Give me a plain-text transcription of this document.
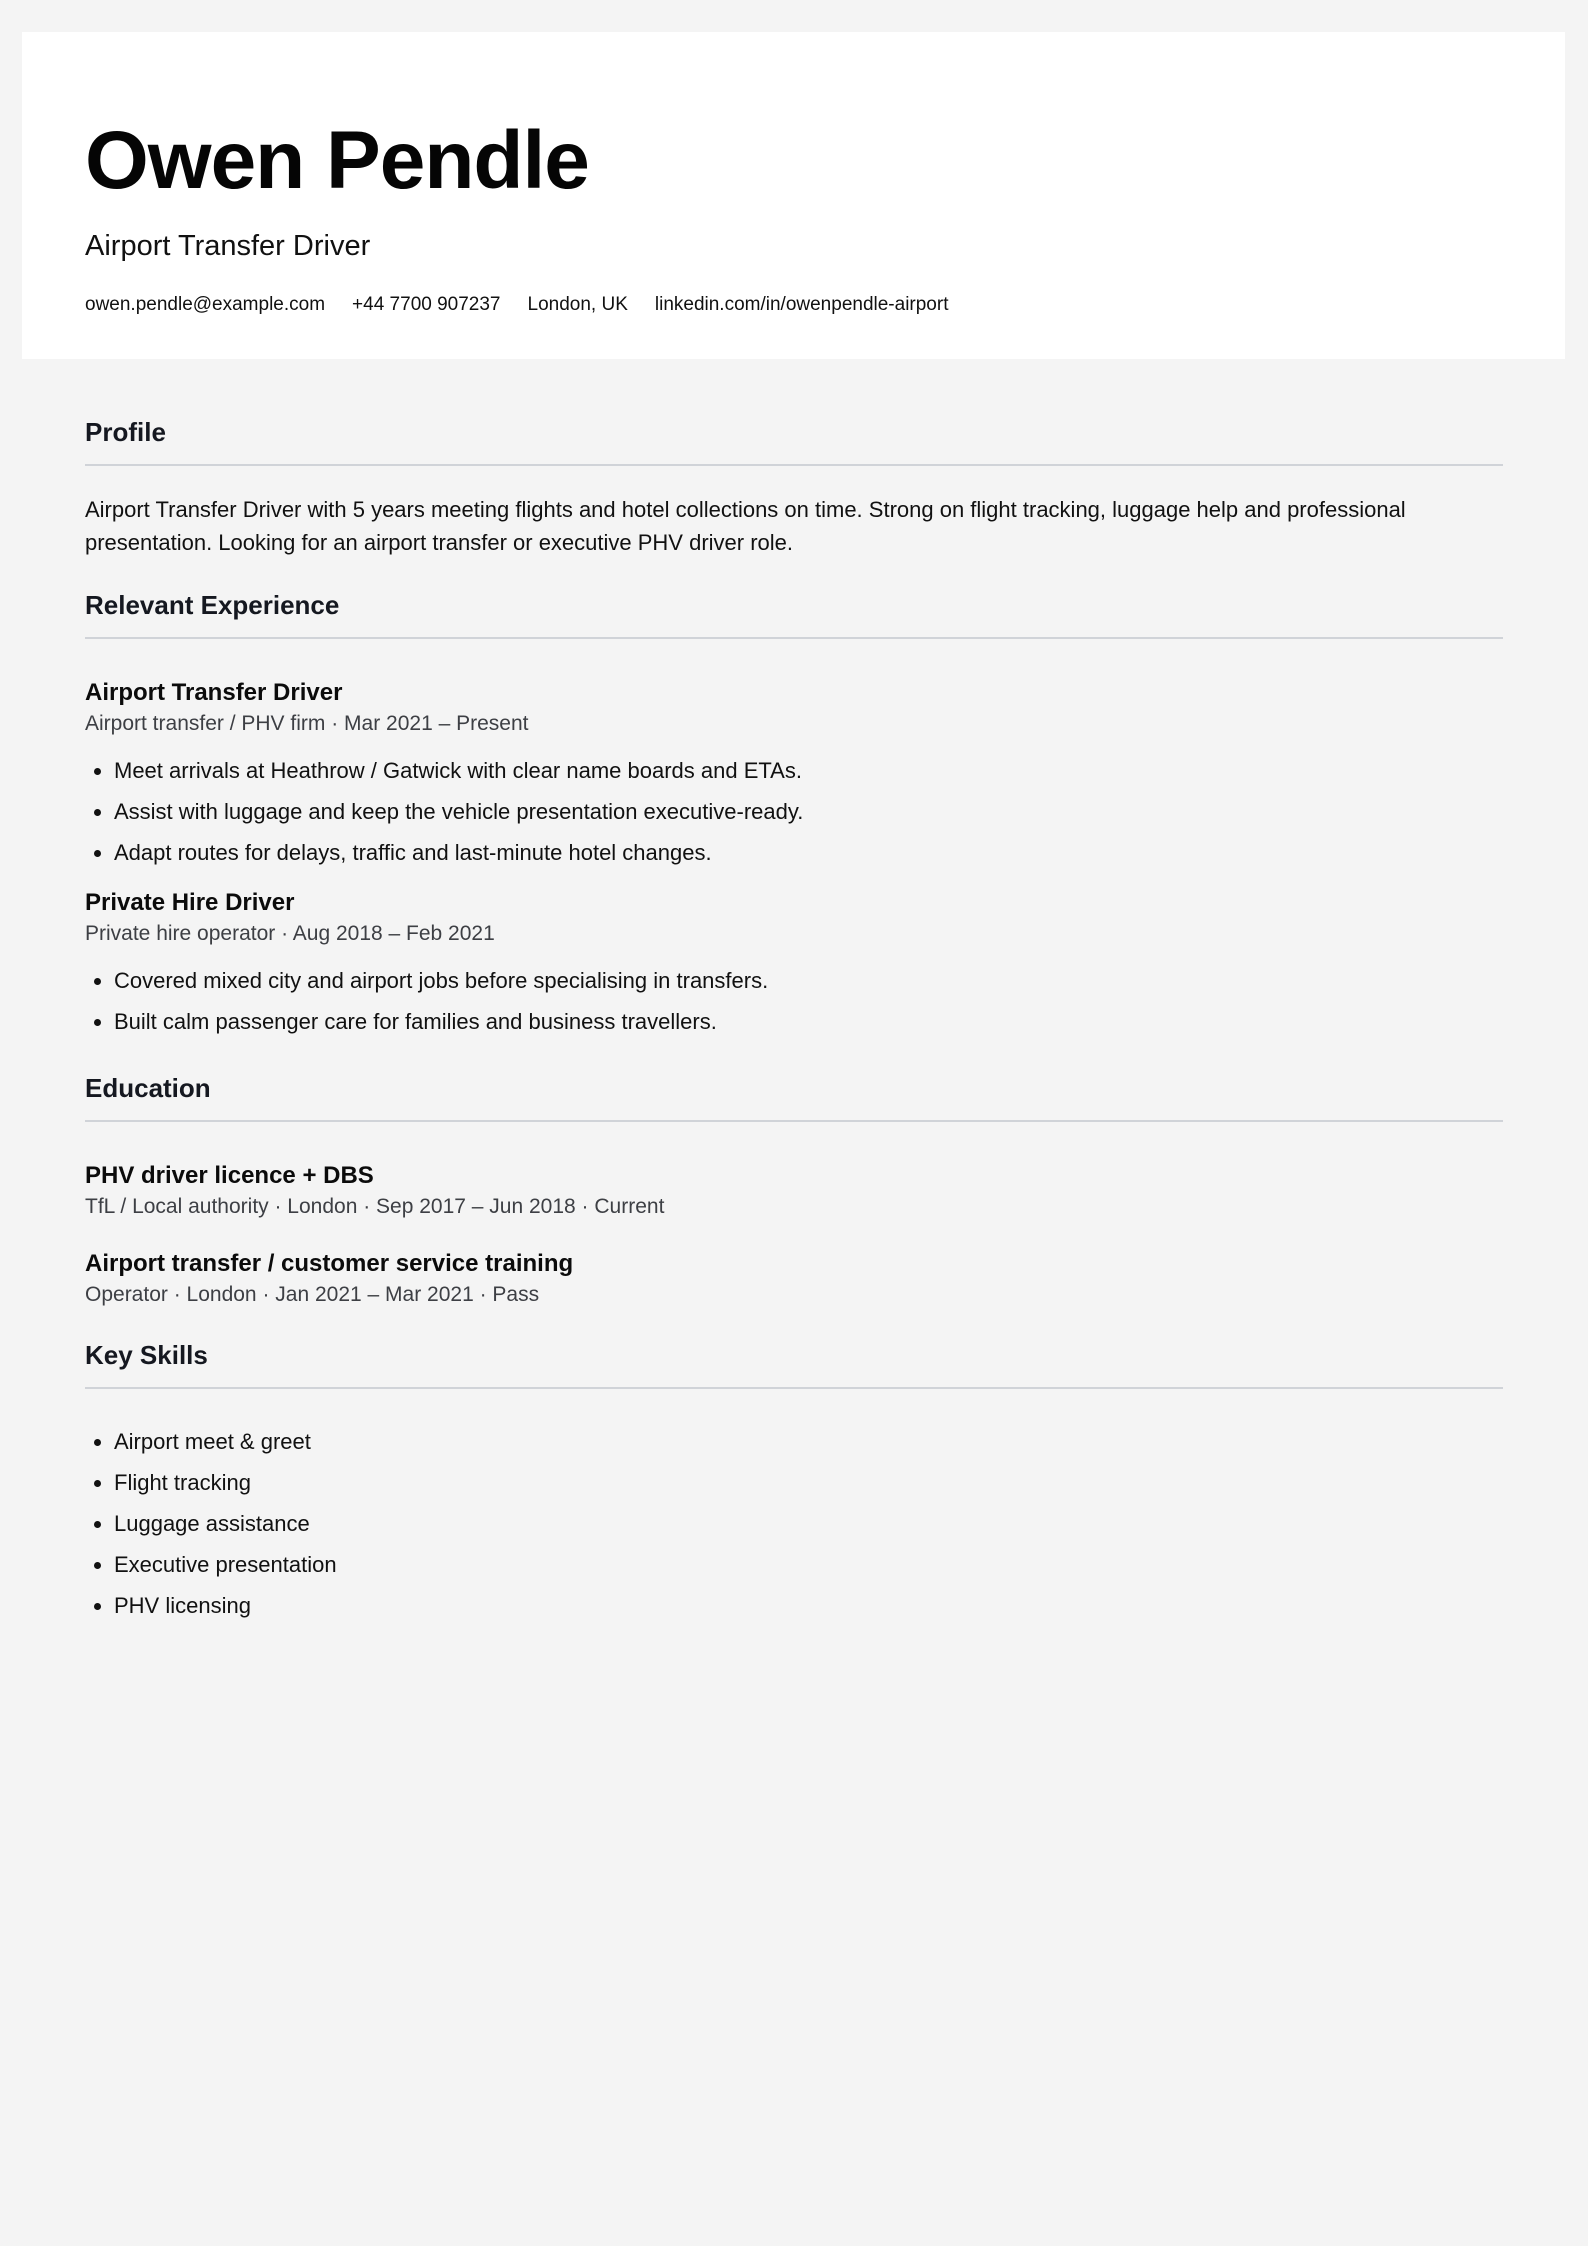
Owen Pendle
Airport Transfer Driver
owen.pendle@example.com +44 7700 907237 London, UK linkedin.com/in/owenpendle-airport
Profile

Airport Transfer Driver with 5 years meeting flights and hotel collections on time. Strong on flight tracking, luggage help and professional presentation. Looking for an airport transfer or executive PHV driver role.

Relevant Experience
Airport Transfer Driver
Airport transfer / PHV firm · Mar 2021 – Present
• Meet arrivals at Heathrow / Gatwick with clear name boards and ETAs.
• Assist with luggage and keep the vehicle presentation executive-ready.
• Adapt routes for delays, traffic and last-minute hotel changes.
Private Hire Driver
Private hire operator · Aug 2018 – Feb 2021
• Covered mixed city and airport jobs before specialising in transfers.
• Built calm passenger care for families and business travellers.
Education
PHV driver licence + DBS
TfL / Local authority · London · Sep 2017 – Jun 2018 · Current
Airport transfer / customer service training
Operator · London · Jan 2021 – Mar 2021 · Pass
Key Skills
• Airport meet & greet
• Flight tracking
• Luggage assistance
• Executive presentation
• PHV licensing
